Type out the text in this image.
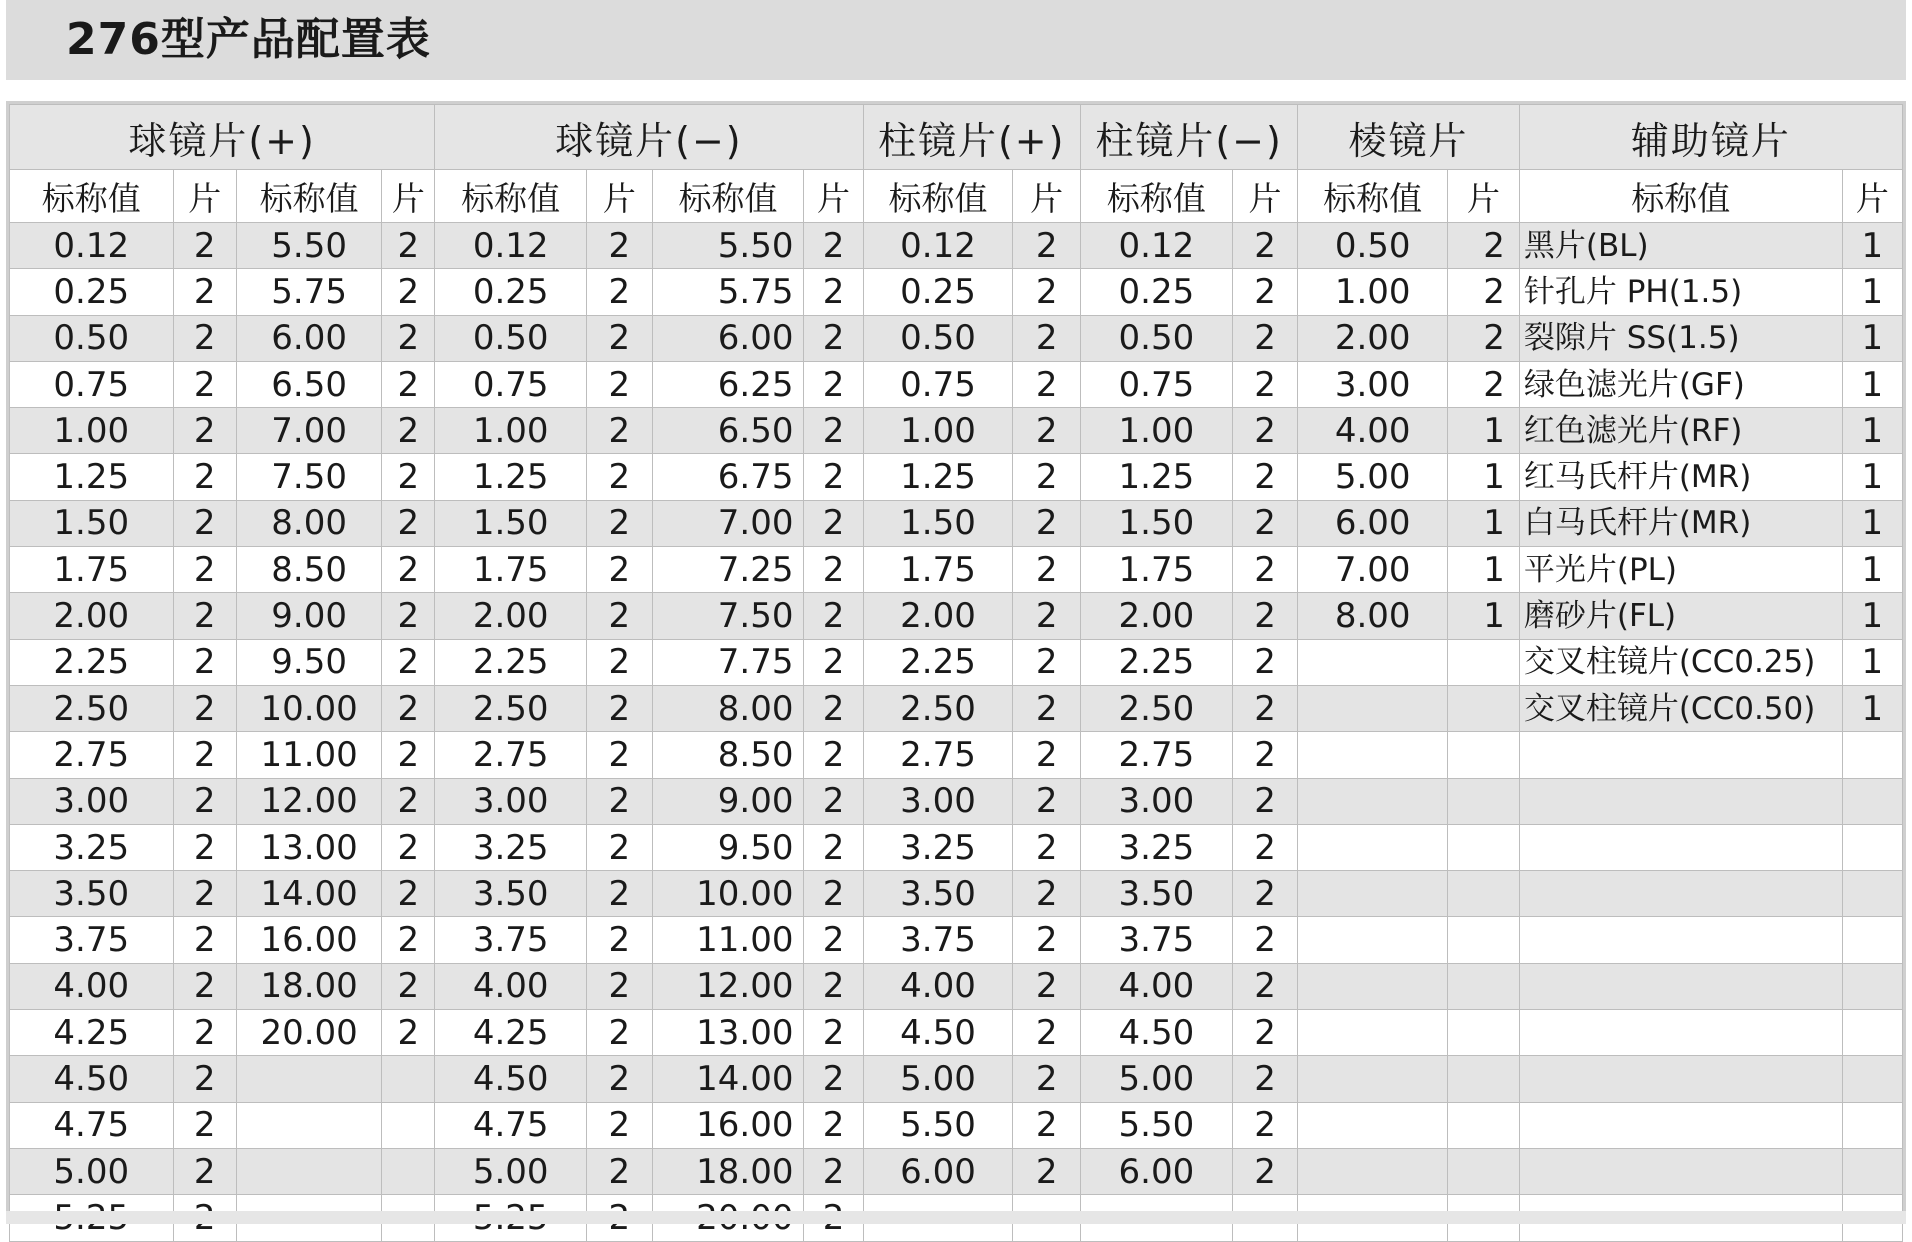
276型产品配置表
球镜片(+)				球镜片(−)				柱镜片(+)		柱镜片(−)		棱镜片		辅助镜片	
标称值	片	标称值	片	标称值	片	标称值	片	标称值	片	标称值	片	标称值	片	标称值	片
0.12	2	5.50	2	0.12	2	5.50	2	0.12	2	0.12	2	0.50	2	黑片(BL)	1
0.25	2	5.75	2	0.25	2	5.75	2	0.25	2	0.25	2	1.00	2	针孔片 PH(1.5)	1
0.50	2	6.00	2	0.50	2	6.00	2	0.50	2	0.50	2	2.00	2	裂隙片 SS(1.5)	1
0.75	2	6.50	2	0.75	2	6.25	2	0.75	2	0.75	2	3.00	2	绿色滤光片(GF)	1
1.00	2	7.00	2	1.00	2	6.50	2	1.00	2	1.00	2	4.00	1	红色滤光片(RF)	1
1.25	2	7.50	2	1.25	2	6.75	2	1.25	2	1.25	2	5.00	1	红马氏杆片(MR)	1
1.50	2	8.00	2	1.50	2	7.00	2	1.50	2	1.50	2	6.00	1	白马氏杆片(MR)	1
1.75	2	8.50	2	1.75	2	7.25	2	1.75	2	1.75	2	7.00	1	平光片(PL)	1
2.00	2	9.00	2	2.00	2	7.50	2	2.00	2	2.00	2	8.00	1	磨砂片(FL)	1
2.25	2	9.50	2	2.25	2	7.75	2	2.25	2	2.25	2			交叉柱镜片(CC0.25)	1
2.50	2	10.00	2	2.50	2	8.00	2	2.50	2	2.50	2			交叉柱镜片(CC0.50)	1
2.75	2	11.00	2	2.75	2	8.50	2	2.75	2	2.75	2				
3.00	2	12.00	2	3.00	2	9.00	2	3.00	2	3.00	2				
3.25	2	13.00	2	3.25	2	9.50	2	3.25	2	3.25	2				
3.50	2	14.00	2	3.50	2	10.00	2	3.50	2	3.50	2				
3.75	2	16.00	2	3.75	2	11.00	2	3.75	2	3.75	2				
4.00	2	18.00	2	4.00	2	12.00	2	4.00	2	4.00	2				
4.25	2	20.00	2	4.25	2	13.00	2	4.50	2	4.50	2				
4.50	2			4.50	2	14.00	2	5.00	2	5.00	2				
4.75	2			4.75	2	16.00	2	5.50	2	5.50	2				
5.00	2			5.00	2	18.00	2	6.00	2	6.00	2				
